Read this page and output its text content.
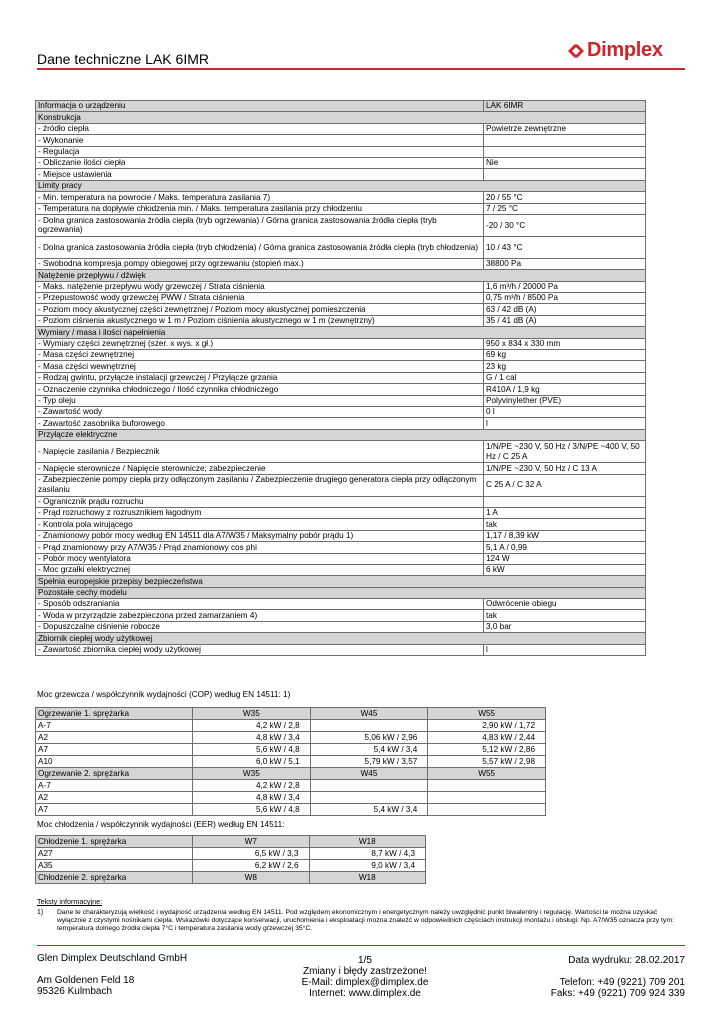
Dane techniczne LAK 6IMR	Dimplex
Informacja o urządzeniu	LAK 6IMR
Konstrukcja	
- źródło ciepła	Powietrze zewnętrzne
- Wykonanie	
- Regulacja	
- Obliczanie ilości ciepła	Nie
- Miejsce ustawienia	
Limity pracy	
- Min. temperatura na powrocie / Maks. temperatura zasilania 7)	20 / 55 °C
- Temperatura na dopływie chłodzenia min. / Maks. temperatura zasilania przy chłodzeniu	7 / 25 °C
- Dolna granica zastosowania źródła ciepła (tryb ogrzewania) / Górna granica zastosowania źródła ciepła (tryb ogrzewania)	-20 / 30 °C
- Dolna granica zastosowania źródła ciepła (tryb chłodzenia) / Górna granica zastosowania źródła ciepła (tryb chłodzenia)	10 / 43 °C
- Swobodna kompresja pompy obiegowej przy ogrzewaniu (stopień max.)	38800 Pa
Natężenie przepływu / dźwięk	
- Maks. natężenie przepływu wody grzewczej / Strata ciśnienia	1,6 m³/h / 20000 Pa
- Przepustowość wody grzewczej PWW / Strata ciśnienia	0,75 m³/h / 8500 Pa
- Poziom mocy akustycznej części zewnętrznej / Poziom mocy akustycznej pomieszczenia	63 / 42 dB (A)
- Poziom ciśnienia akustycznego w 1 m / Poziom ciśnienia akustycznego w 1 m (zewnętrzny)	35 / 41 dB (A)
Wymiary / masa i ilości napełnienia	
- Wymiary części zewnętrznej (szer. x wys. x gł.)	950 x 834 x 330 mm
- Masa części zewnętrznej	69 kg
- Masa części wewnętrznej	23 kg
- Rodzaj gwintu, przyłącze instalacji grzewczej / Przyłącze grzania	G / 1 cal
- Oznaczenie czynnika chłodniczego / Ilość czynnika chłodniczego	R410A / 1,9 kg
- Typ oleju	Polyvinylether (PVE)
- Zawartość wody	0 l
- Zawartość zasobnika buforowego	l
Przyłącze elektryczne	
- Napięcie zasilania / Bezpiecznik	1/N/PE ~230 V, 50 Hz / 3/N/PE ~400 V, 50 Hz / C 25 A
- Napięcie sterownicze / Napięcie sterownicze; zabezpieczenie	1/N/PE ~230 V, 50 Hz / C 13 A
- Zabezpieczenie pompy ciepła przy odłączonym zasilaniu / Zabezpieczenie drugiego generatora ciepła przy odłączonym zasilaniu	C 25 A / C 32 A
- Ogranicznik prądu rozruchu	
- Prąd rozruchowy z rozrusznikiem łagodnym	1 A
- Kontrola pola wirującego	tak
- Znamionowy pobór mocy według EN 14511 dla A7/W35 / Maksymalny pobór prądu 1)	1,17 / 8,39 kW
- Prąd znamionowy przy A7/W35 / Prąd znamionowy cos phi	5,1 A / 0,99
- Pobór mocy wentylatora	124 W
- Moc grzałki elektrycznej	6 kW
Spełnia europejskie przepisy bezpieczeństwa	
Pozostałe cechy modelu	
- Sposób odszraniania	Odwrócenie obiegu
- Woda w przyrządzie zabezpieczona przed zamarzaniem 4)	tak
- Dopuszczalne ciśnienie robocze	3,0 bar
Zbiornik ciepłej wody użytkowej	
- Zawartość zbiornika ciepłej wody użytkowej	l
Moc grzewcza / współczynnik wydajności (COP) według EN 14511: 1)
Ogrzewanie 1. sprężarka	W35	W45	W55
A-7	4,2 kW / 2,8		2,90 kW / 1,72
A2	4,8 kW / 3,4	5,06 kW / 2,96	4,83 kW / 2,44
A7	5,6 kW / 4,8	5,4 kW / 3,4	5,12 kW / 2,86
A10	6,0 kW / 5,1	5,79 kW / 3,57	5,57 kW / 2,98
Ogrzewanie 2. sprężarka	W35	W45	W55
A-7	4,2 kW / 2,8		
A2	4,8 kW / 3,4		
A7	5,6 kW / 4,8	5,4 kW / 3,4	
Moc chłodzenia / współczynnik wydajności (EER) według EN 14511:
Chłodzenie 1. sprężarka	W7	W18
A27	6,5 kW / 3,3	8,7 kW / 4,3
A35	6,2 kW / 2,6	9,0 kW / 3,4
Chłodzenie 2. sprężarka	W8	W18
Teksty informacyjne:
1) Dane te charakteryzują wielkość i wydajność urządzenia według EN 14511. Pod względem ekonomicznym i energetycznym należy uwzględnić punkt biwalentny i regulację. Wartości te można uzyskać wyłącznie z czystymi nośnikami ciepła. Wskazówki dotyczące konserwacji, uruchomienia i eksploatacji można znaleźć w odpowiednich częściach instrukcji montażu i obsługi. Np. A7/W35 oznacza przy tym: temperatura dolnego źródła ciepła 7°C i temperatura zasilania wody grzewczej 35°C.
Glen Dimplex Deutschland GmbH
Am Goldenen Feld 18
95326 Kulmbach
1/5
Zmiany i błędy zastrzeżone!
E-Mail: dimplex@dimplex.de
Internet: www.dimplex.de
Data wydruku: 28.02.2017
Telefon: +49 (9221) 709 201
Faks: +49 (9221) 709 924 339
